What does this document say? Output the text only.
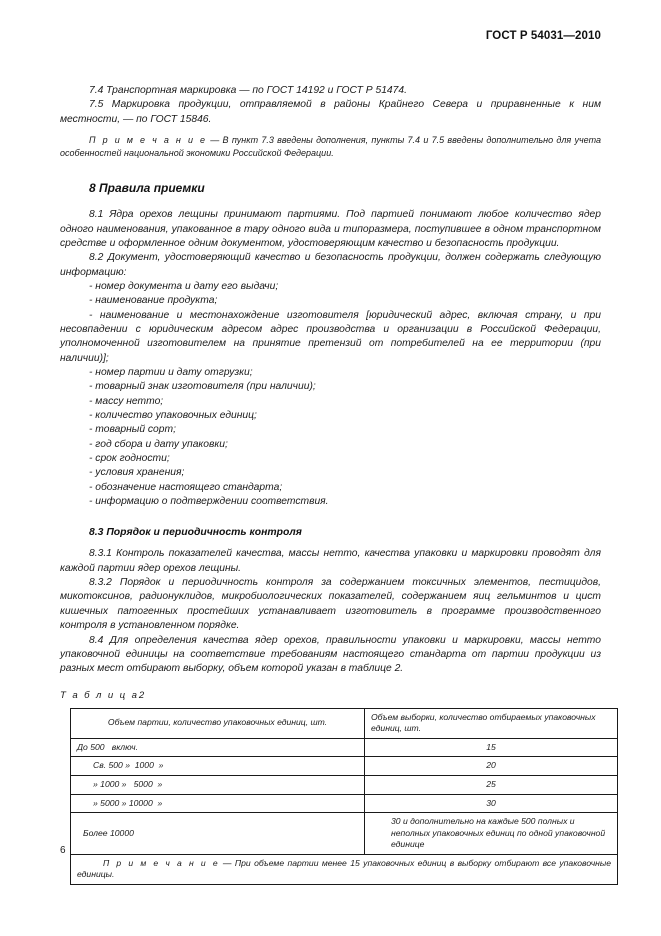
ГОСТ Р 54031—2010

7.4 Транспортная маркировка — по ГОСТ 14192 и ГОСТ Р 51474.

7.5 Маркировка продукции, отправляемой в районы Крайнего Севера и приравненные к ним местности, — по ГОСТ 15846.

П р и м е ч а н и е — В пункт 7.3 введены дополнения, пункты 7.4 и 7.5 введены дополнительно для учета особенностей национальной экономики Российской Федерации.

8 Правила приемки

8.1 Ядра орехов лещины принимают партиями. Под партией понимают любое количество ядер одного наименования, упакованное в тару одного вида и типоразмера, поступившее в одном транспортном средстве и оформленное одним документом, удостоверяющим качество и безопасность продукции.

8.2 Документ, удостоверяющий качество и безопасность продукции, должен содержать следующую информацию:

- номер документа и дату его выдачи;
- наименование продукта;
- наименование и местонахождение изготовителя [юридический адрес, включая страну, и при несовпадении с юридическим адресом адрес производства и организации в Российской Федерации, уполномоченной изготовителем на принятие претензий от потребителей на ее территории (при наличии)];
- номер партии и дату отгрузки;
- товарный знак изготовителя (при наличии);
- массу нетто;
- количество упаковочных единиц;
- товарный сорт;
- год сбора и дату упаковки;
- срок годности;
- условия хранения;
- обозначение настоящего стандарта;
- информацию о подтверждении соответствия.
8.3 Порядок и периодичность контроля

8.3.1 Контроль показателей качества, массы нетто, качества упаковки и маркировки проводят для каждой партии ядер орехов лещины.

8.3.2 Порядок и периодичность контроля за содержанием токсичных элементов, пестицидов, микотоксинов, радионуклидов, микробиологических показателей, содержанием яиц гельминтов и цист кишечных патогенных простейших устанавливает изготовитель в программе производственного контроля в установленном порядке.

8.4 Для определения качества ядер орехов, правильности упаковки и маркировки, массы нетто упаковочной единицы на соответствие требованиям настоящего стандарта от партии продукции из разных мест отбирают выборку, объем которой указан в таблице 2.

Т а б л и ц а2

Объем партии, количество упаковочных единиц, шт.	Объем выборки, количество отбираемых упаковочных единиц, шт.
До 500   включ.	15
Св. 500 »  1000  »	20
» 1000 »   5000  »	25
» 5000 » 10000  »	30
Более 10000	30 и дополнительно на каждые 500 полных и неполных упаковочных единиц по одной упаковочной единице
П р и м е ч а н и е — При объеме партии менее 15 упаковочных единиц в выборку отбирают все упаковочные единицы.	
6
